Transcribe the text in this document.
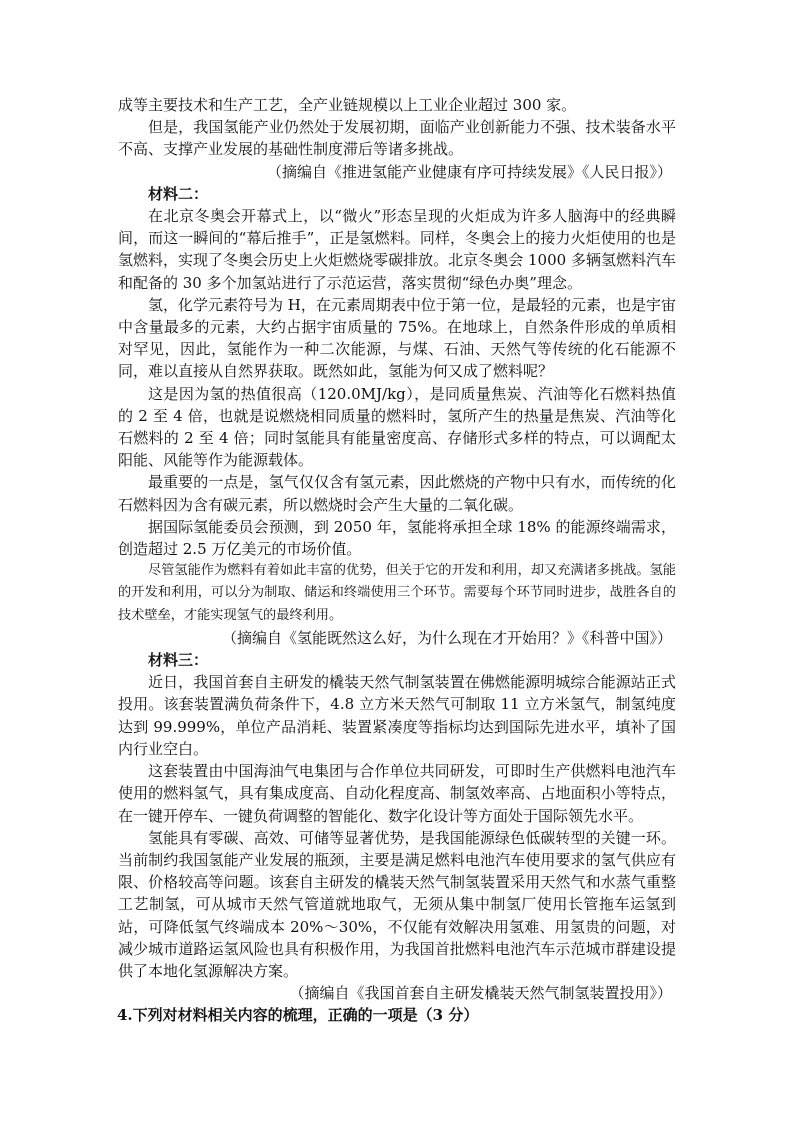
成等主要技术和生产工艺，全产业链规模以上工业企业超过 300 家。

但是，我国氢能产业仍然处于发展初期，面临产业创新能力不强、技术装备水平不高、支撑产业发展的基础性制度滞后等诸多挑战。

（摘编自《推进氢能产业健康有序可持续发展》《人民日报》）

材料二：

在北京冬奥会开幕式上，以“微火”形态呈现的火炬成为许多人脑海中的经典瞬间，而这一瞬间的“幕后推手”，正是氢燃料。同样，冬奥会上的接力火炬使用的也是氢燃料，实现了冬奥会历史上火炬燃烧零碳排放。北京冬奥会 1000 多辆氢燃料汽车和配备的 30 多个加氢站进行了示范运营，落实贯彻“绿色办奥”理念。

氢，化学元素符号为 H，在元素周期表中位于第一位，是最轻的元素，也是宇宙中含量最多的元素，大约占据宇宙质量的 75%。在地球上，自然条件形成的单质相对罕见，因此，氢能作为一种二次能源，与煤、石油、天然气等传统的化石能源不同，难以直接从自然界获取。既然如此，氢能为何又成了燃料呢？

这是因为氢的热值很高（120.0MJ/kg），是同质量焦炭、汽油等化石燃料热值的 2 至 4 倍，也就是说燃烧相同质量的燃料时，氢所产生的热量是焦炭、汽油等化石燃料的 2 至 4 倍；同时氢能具有能量密度高、存储形式多样的特点，可以调配太阳能、风能等作为能源载体。

最重要的一点是，氢气仅仅含有氢元素，因此燃烧的产物中只有水，而传统的化石燃料因为含有碳元素，所以燃烧时会产生大量的二氧化碳。

据国际氢能委员会预测，到 2050 年，氢能将承担全球 18% 的能源终端需求，创造超过 2.5 万亿美元的市场价值。

尽管氢能作为燃料有着如此丰富的优势，但关于它的开发和利用，却又充满诸多挑战。氢能的开发和利用，可以分为制取、储运和终端使用三个环节。需要每个环节同时进步，战胜各自的技术壁垒，才能实现氢气的最终利用。

（摘编自《氢能既然这么好，为什么现在才开始用？》《科普中国》）

材料三：

近日，我国首套自主研发的橇装天然气制氢装置在佛燃能源明城综合能源站正式投用。该套装置满负荷条件下，4.8 立方米天然气可制取 11 立方米氢气，制氢纯度达到 99.999%，单位产品消耗、装置紧凑度等指标均达到国际先进水平，填补了国内行业空白。

这套装置由中国海油气电集团与合作单位共同研发，可即时生产供燃料电池汽车使用的燃料氢气，具有集成度高、自动化程度高、制氢效率高、占地面积小等特点，在一键开停车、一键负荷调整的智能化、数字化设计等方面处于国际领先水平。

氢能具有零碳、高效、可储等显著优势，是我国能源绿色低碳转型的关键一环。当前制约我国氢能产业发展的瓶颈，主要是满足燃料电池汽车使用要求的氢气供应有限、价格较高等问题。该套自主研发的橇装天然气制氢装置采用天然气和水蒸气重整工艺制氢，可从城市天然气管道就地取气，无须从集中制氢厂使用长管拖车运氢到站，可降低氢气终端成本 20%～30%，不仅能有效解决用氢难、用氢贵的问题，对减少城市道路运氢风险也具有积极作用，为我国首批燃料电池汽车示范城市群建设提供了本地化氢源解决方案。

（摘编自《我国首套自主研发橇装天然气制氢装置投用》）

4.下列对材料相关内容的梳理，正确的一项是（3 分）
